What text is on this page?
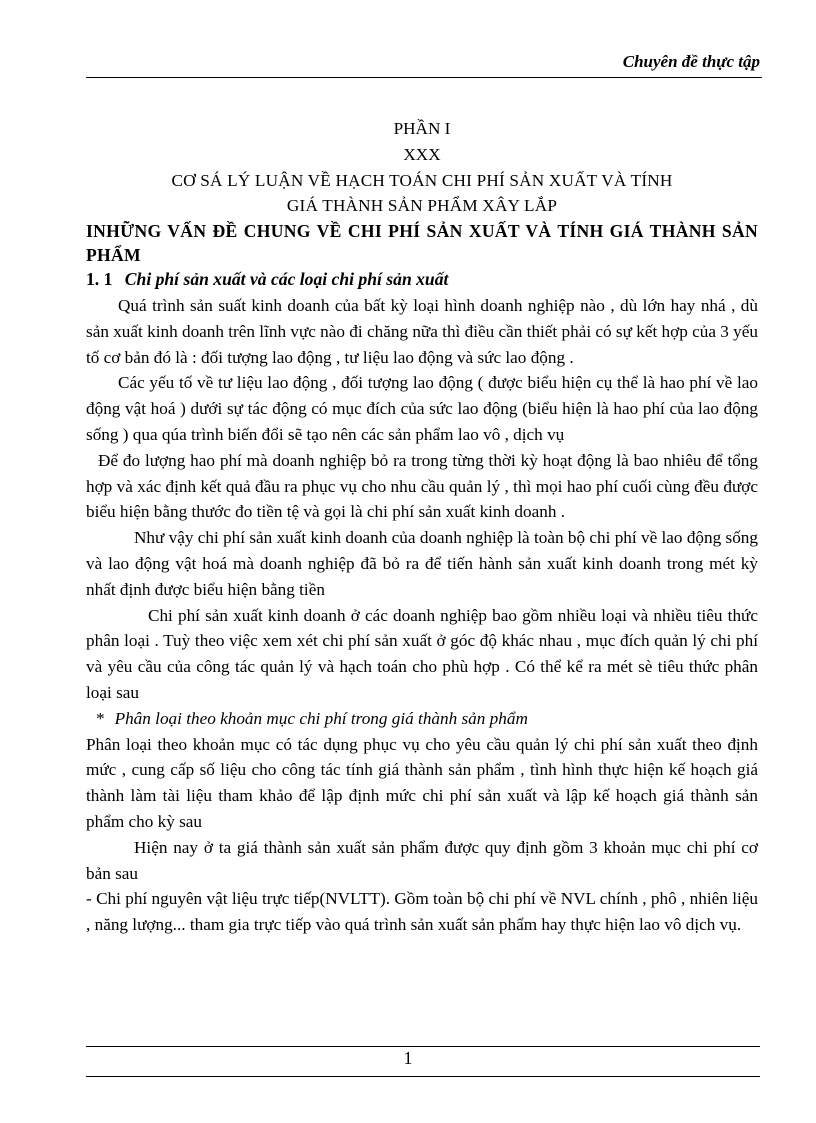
Chuyên đề thực tập
PHẦN I
XXX
CƠ SÁ LÝ LUẬN VỀ HẠCH TOÁN CHI PHÍ SẢN XUẤT VÀ TÍNH
GIÁ THÀNH SẢN PHẨM XÂY LẮP
INHỮNG VẤN ĐỀ CHUNG VỀ CHI PHÍ SẢN XUẤT VÀ TÍNH GIÁ THÀNH SẢN PHẨM
1. 1 Chi phí sản xuất và các loại chi phí sản xuất

Quá trình sản suất kinh doanh của bất kỳ loại hình doanh nghiệp nào , dù lớn hay nhá , dù sản xuất kinh doanh trên lĩnh vực nào đi chăng nữa thì điều cần thiết phải có sự kết hợp của 3 yếu tố cơ bản đó là : đối tượng lao động , tư liệu lao động và sức lao động .

Các yếu tố về tư liệu lao động , đối tượng lao động ( được biểu hiện cụ thể là hao phí về lao động vật hoá ) dưới sự tác động có mục đích của sức lao động (biểu hiện là hao phí của lao động sống ) qua qúa trình biến đổi sẽ tạo nên các sản phẩm lao vô , dịch vụ

Để đo lượng hao phí mà doanh nghiệp bỏ ra trong từng thời kỳ hoạt động là bao nhiêu để tổng hợp và xác định kết quả đầu ra phục vụ cho nhu cầu quản lý , thì mọi hao phí cuối cùng đều được biểu hiện bằng thước đo tiền tệ và gọi là chi phí sản xuất kinh doanh .

Như vậy chi phí sản xuất kinh doanh của doanh nghiệp là toàn bộ chi phí về lao động sống và lao động vật hoá mà doanh nghiệp đã bỏ ra để tiến hành sản xuất kinh doanh trong mét kỳ nhất định được biểu hiện bằng tiền

Chi phí sản xuất kinh doanh ở các doanh nghiệp bao gồm nhiều loại và nhiều tiêu thức phân loại . Tuỳ theo việc xem xét chi phí sản xuất ở góc độ khác nhau , mục đích quản lý chi phí và yêu cầu của công tác quản lý và hạch toán cho phù hợp . Có thể kể ra mét sè tiêu thức phân loại sau

* Phân loại theo khoản mục chi phí trong giá thành sản phẩm

Phân loại theo khoản mục có tác dụng phục vụ cho yêu cầu quản lý chi phí sản xuất theo định mức , cung cấp số liệu cho công tác tính giá thành sản phẩm , tình hình thực hiện kế hoạch giá thành làm tài liệu tham khảo để lập định mức chi phí sản xuất và lập kế hoạch giá thành sản phẩm cho kỳ sau

Hiện nay ở ta giá thành sản xuất sản phẩm được quy định gồm 3 khoản mục chi phí cơ bản sau

- Chi phí nguyên vật liệu trực tiếp(NVLTT). Gồm toàn bộ chi phí về NVL chính , phô , nhiên liệu , năng lượng... tham gia trực tiếp vào quá trình sản xuất sản phẩm hay thực hiện lao vô dịch vụ.

1
